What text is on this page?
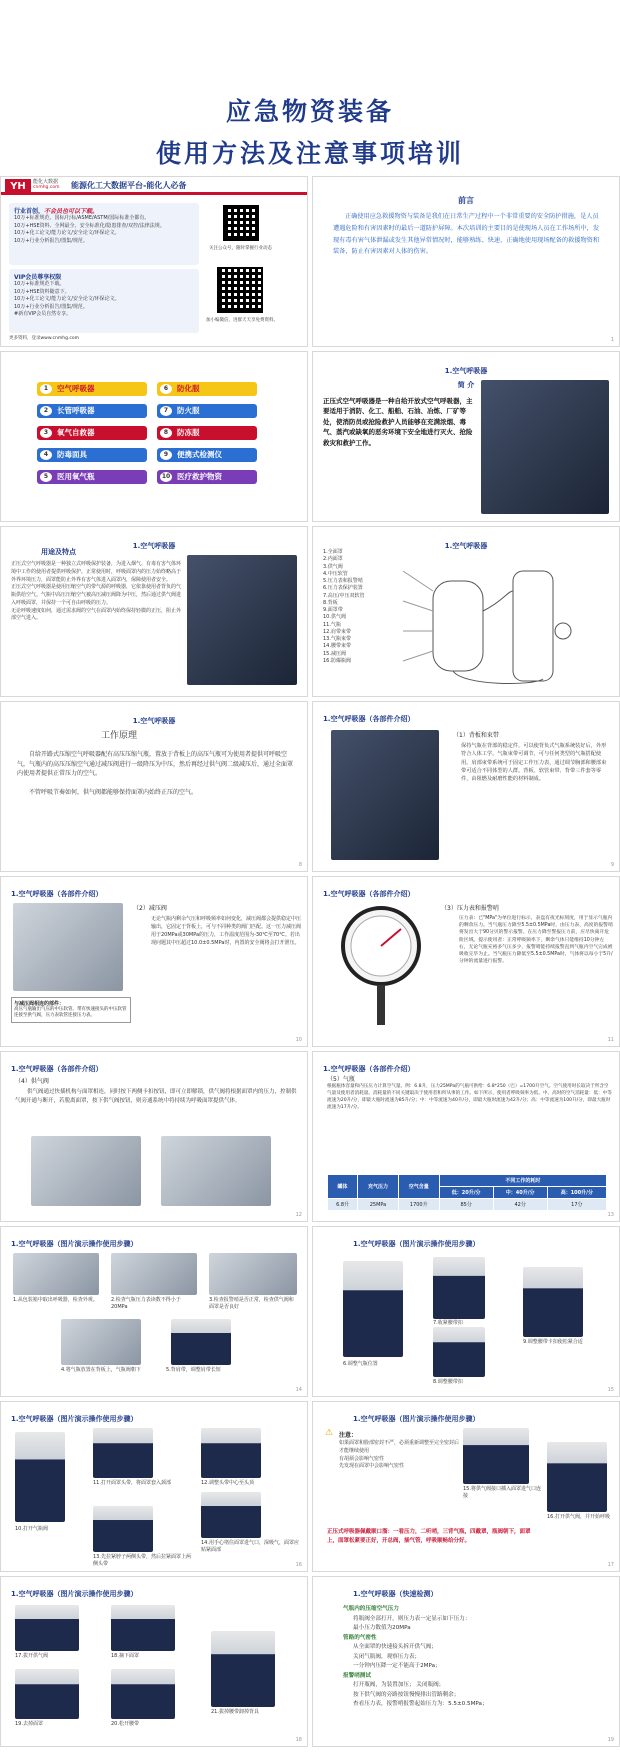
应急物资装备
使用方法及注意事项培训
YH	能化大数据
cnmhg.com 能源化工大数据平台-能化人必备
行业首创，不会员也可以下载。
10万+标准规范、国标/行标/ASME/ASTM/国际标准全都有。
10万+HSE资料、全网最全、安全标准化/隐患排查/双控/法律法规。
10万+化工论文/能力论文/安全论文/环保论文。
10万+行业分析报告/图集/规范。
VIP会员尊享权限
10万+标准规范下载。
10万+HSE资料随意下。
10万+化工论文/能力论文/安全论文/环保论文。
10万+行业分析报告/图集/规范。
#新有VIP会员自然专享。
更多资料，登录www.cnmhg.com
关注公众号，随时掌握行业动态
加小编微信，进群天天享免费资料。
前言
正确使用应急救援物资与装备是我们在日常生产过程中一个非常重要的安全防护措施，是人员遭遇危险和有害因素时的最后一道防护屏障。本次培训的主要目的是使现场人员在工作场所中，发现有毒有害气体泄漏或发生其他异常情况时，能够熟练、快速、正确地使用现场配备的救援物资和装备，防止有害因素对人体的伤害。
1
1	空气呼吸器	6	防化服
2	长管呼吸器	7	防火服
3	氧气自救器	8	防冻服
4	防毒面具	9	便携式检测仪
5	医用氧气瓶	10 医疗救护物资
1.空气呼吸器
简 介
正压式空气呼吸器是一种自给开放式空气呼吸器，主要适用于消防、化工、船舶、石油、冶炼、厂矿等处，使消防员或抢险救护人员能够在充满浓烟、毒气、蒸汽或缺氧的恶劣环境下安全地进行灭火、抢险救灾和救护工作。
1.空气呼吸器
用途及特点

正压式空气呼吸器是一种独立式呼吸保护装备，为进入烟气、有毒有害气体环境中工作的使用者提供呼吸保护。正常使用时，呼吸面罩内的压力始终略高于外界环境压力，面罩能防止外界有害气体进入面罩内，保障使用者安全。

正压式空气呼吸器是使用压缩空气的带气源的呼吸器，它依靠使用者背负的气瓶供给空气。气瓶中高压压缩空气被高压减压阀降为中压，然后通过供气阀进入呼吸面罩，并保持一个可自由呼吸的压力。

无论呼吸速度如何，通过需求阀的空气在面罩内始终保持轻微的正压，阻止外部空气进入。

1.空气呼吸器
1.全面罩
2.内面罩
3.供气阀
4.中压软管
5.压力表和报警哨
6.压力表保护装置
7.高压/中压双软管
8.背板
9.面罩带
10.供气阀
11.气瓶
12.肩带束带
13.气瓶束带
14.腰带束带
15.减压阀
16.防爆瓶阀
1.空气呼吸器
工作原理
自给开路式压缩空气呼吸器配有高压压缩气瓶，置放于背板上的高压气瓶可为使用者提供可呼吸空气，气瓶内的高压压缩空气通过减压阀进行一级降压为中压，然后再经过供气阀二级减压后，通过全面罩内使用者提供正常压力的空气。
不管呼吸节奏如何，供气阀都能够保持面罩内始终正压的空气。
8
1.空气呼吸器（各部件介绍）
（1）背板和束带
保持气瓶在背部的稳定件，可以使背负式气瓶系统装好后，外形符合人体工学。气瓶束带可调节，可与任何类型的气瓶搭配使用。肩部束带系统可于固定工作压力表，通过调节胸部和腰部束带可适合不同体型的人群。背板、软管束带、背带三件套等零件，由阻燃及耐磨性能的材料制成。
9
1.空气呼吸器（各部件介绍）
（2）减压阀
无论气瓶内剩余气压和呼吸频率如何变化，减压阀都会提供稳定中压输出，它固定于背板上，可与不同种类的阀门匹配。这一压力减压阀用于20MPa或30MPa的压力，工作温度范围为-30℃至70℃。若出现问题其中压超过10.0±0.5MPa时，内置的安全阀将会打开泄压。
与减压阀相连的部件：
高压气瓶输出气压的中压软管。带有快速接头的中压软管连接至供气阀，压力表软管连接压力表。
10
1.空气呼吸器（各部件介绍）
（3）压力表和报警哨
压力表：已"MPa"为单位进行标示，表盘有夜光标刻度，用于显示气瓶内的剩余压力。当气瓶压力降至5.5±0.5MPa时，由压力表、高度的报警哨将发出大于90分贝的警示报警。在压力降至警报压力前，应尽快离开危险区域。提示使用者：正常呼吸频率下，剩余气体只能维持10分钟左右，无论气瓶充裕多气压多少，报警哨能持续报警直到气瓶内空气完成被吸收完毕为止。当气瓶压力降低至5.5±0.5MPa时，气体将以每小于5升/分钟的流量进行报警。
11
1.空气呼吸器（各部件介绍）
（4）供气阀
供气阀通过快插机构与面罩相连，同时按下两侧卡扣按钮，即可立即解锁，供气阀将根据面罩内的压力，控制供气阀开通与断开，若脱离面罩，按下供气阀按钮，则旁通系统中将持续为呼吸面罩提供气体。
12
1.空气呼吸器（各部件介绍）
（5）气瓶
根据瓶体容量和内压压力计算空气量。例：6.8升，压力25MPa的气瓶可供给：6.8*250（巴）=1700升空气。空气使用时长取决于所含空气量及使用者消耗量。消耗量的不同关键取决于使用者和所从事的工作。如下所示，使用者呼吸频率为低、中、高时的空气消耗量：低：中等流速为20升/分，即最大瓶时流速为85升/分；中：中等流速为40升/分，即最大瓶时流速为42升/分；高：中等流速为100升/分，即最大瓶时流速为17升/分。
罐体	充气压力	空气含量	不同工作的耗时		
			低：20升/分	中：40升/分	高：100升/分
6.8升	25MPa	1700升	85分	42分	17分
13
1.空气呼吸器（图片演示操作使用步骤）
1.从包装箱中取出呼吸器，检查外观。	2.检查气瓶压力表读数不得小于20MPa
3.检查报警哨是否正常，检查供气阀和面罩是否良好
4.将气瓶放置在背板上，气瓶阀朝下	5.背肩带，调整肩带长短
14
1.空气呼吸器（图片演示操作使用步骤）
6.调整气瓶位置
7.收紧腰带扣
8.调整腰带扣
9.调整腰带卡扣使松紧合适
15
1.空气呼吸器（图片演示操作使用步骤）
10.打开气瓶阀
11.打开面罩头带，将面罩套入颈部	12.调整头带中心至头顶
13.先拉紧脖子两侧头带，然后拉紧面罩上两侧头带
14.用手心堵住面罩进气口，深吸气，面罩应贴紧面部
16
1.空气呼吸器（图片演示操作使用步骤）
⚠ 注意：

如果面罩和脸部密封不严，必须重新调整至完全密封后才能继续使用

有胡须会影响气密性

先发现在面罩中会影响气密性

15.将供气阀接口插入面罩进气口连接
16.打开供气阀，并开始呼吸
正压式呼吸器佩戴顺口溜：一看压力，二听哨，三背气瓶，四戴罩，瓶阀朝下，面罩上，面罩松紧要正好，开总阀，插气管，呼吸顺畅给分好。
17
1.空气呼吸器（图片演示操作使用步骤）
17.拔开供气阀	18.摘下面罩
19.去掉面罩	20.松开腰带
21.拔掉腰带卸掉背具
18
1.空气呼吸器（快速检测）
气瓶内的压缩空气压力
将瓶阀全部打开，则压力表一定显示如下压力：
最小压力数值为20MPa
管路的气密性
从全面罩的快速接头拆开供气阀；
关闭气瓶阀，观察压力表；
一分钟内压降一定不能高于2MPa；
报警哨测试
打开瓶阀，为装置加压； 关闭瓶阀；
按下供气阀的旁路按钮慢慢排出管路剩余；
查看压力表，报警哨报警起始压力为：5.5±0.5MPa；
19
